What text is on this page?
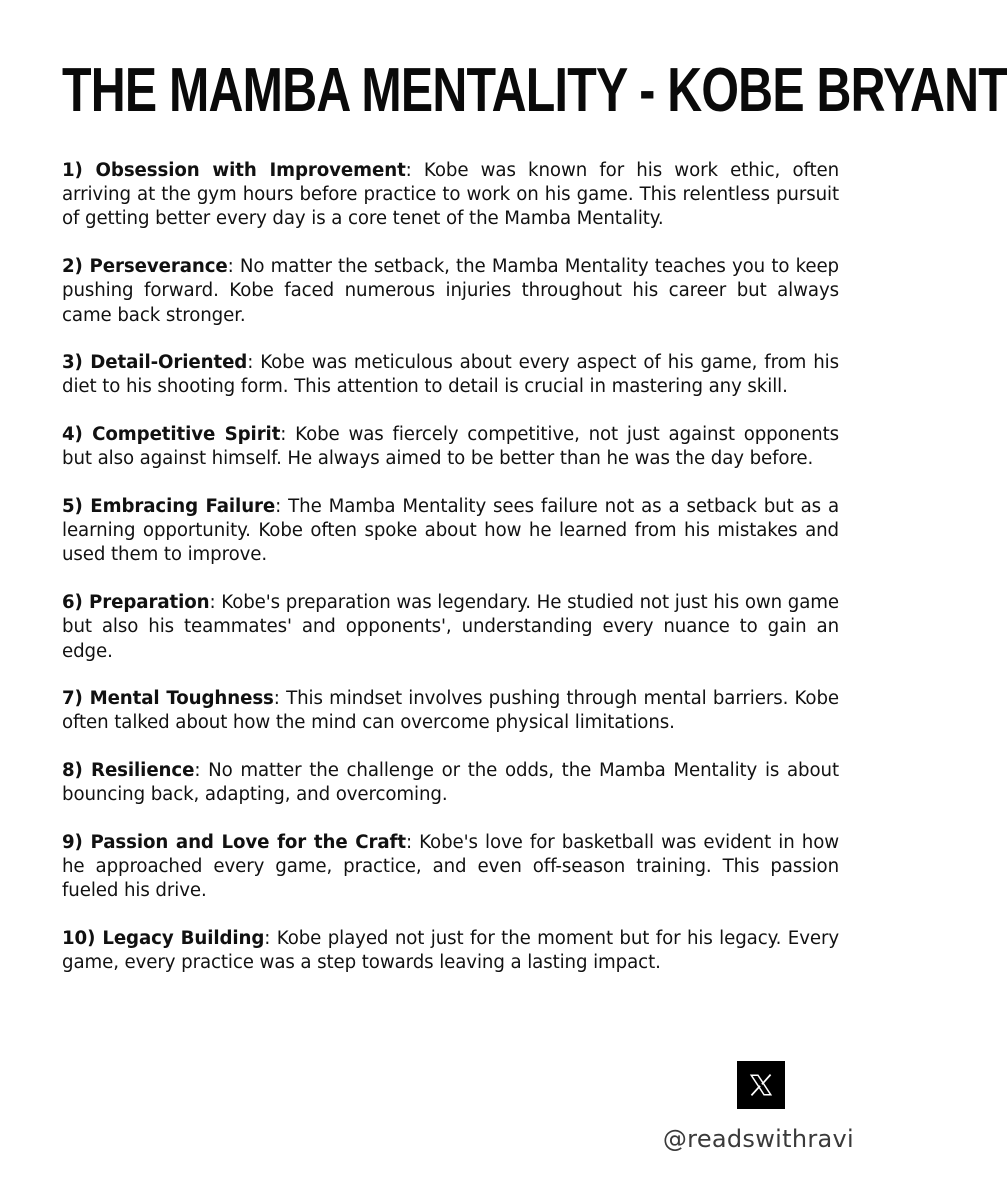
THE MAMBA MENTALITY - KOBE BRYANT

1) Obsession with Improvement: Kobe was known for his work ethic, often arriving at the gym hours before practice to work on his game. This relentless pursuit of getting better every day is a core tenet of the Mamba Mentality.

2) Perseverance: No matter the setback, the Mamba Mentality teaches you to keep pushing forward. Kobe faced numerous injuries throughout his career but always came back stronger.

3) Detail-Oriented: Kobe was meticulous about every aspect of his game, from his diet to his shooting form. This attention to detail is crucial in mastering any skill.

4) Competitive Spirit: Kobe was fiercely competitive, not just against opponents but also against himself. He always aimed to be better than he was the day before.

5) Embracing Failure: The Mamba Mentality sees failure not as a setback but as a learning opportunity. Kobe often spoke about how he learned from his mistakes and used them to improve.

6) Preparation: Kobe's preparation was legendary. He studied not just his own game but also his teammates' and opponents', understanding every nuance to gain an edge.

7) Mental Toughness: This mindset involves pushing through mental barriers. Kobe often talked about how the mind can overcome physical limitations.

8) Resilience: No matter the challenge or the odds, the Mamba Mentality is about bouncing back, adapting, and overcoming.

9) Passion and Love for the Craft: Kobe's love for basketball was evident in how he approached every game, practice, and even off-season training. This passion fueled his drive.

10) Legacy Building: Kobe played not just for the moment but for his legacy. Every game, every practice was a step towards leaving a lasting impact.

@readswithravi
